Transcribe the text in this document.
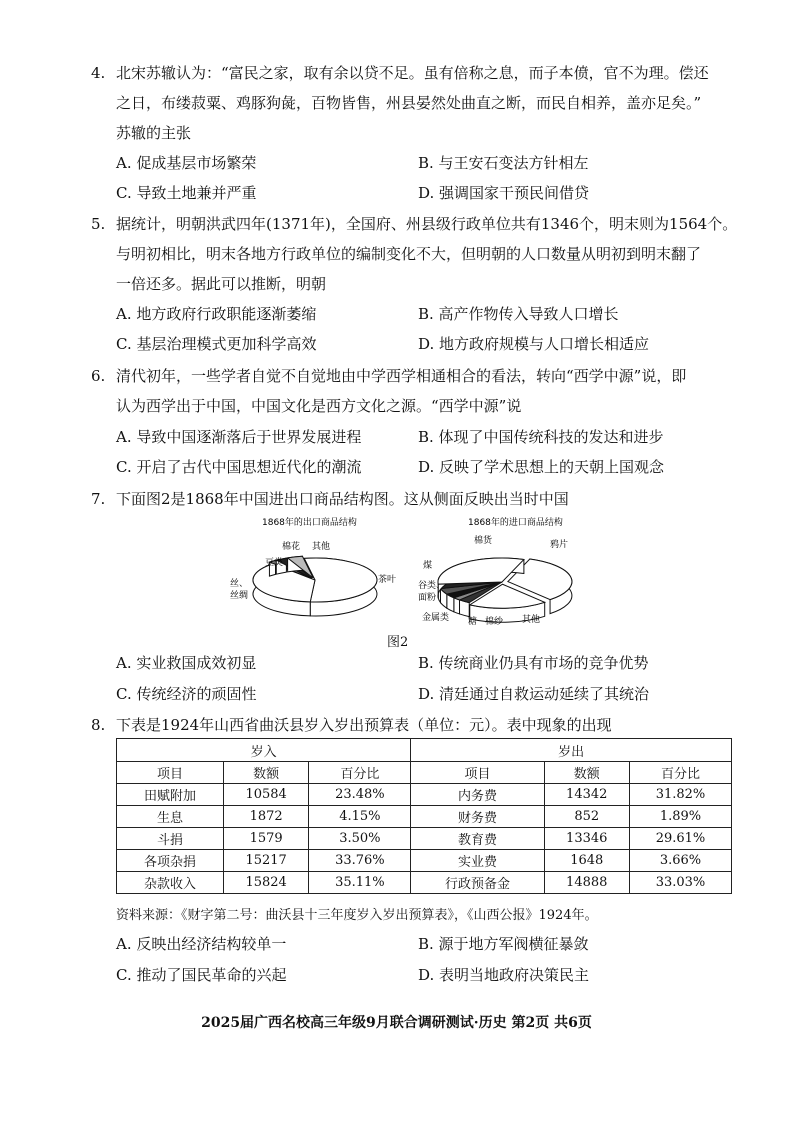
4. 北宋苏辙认为：“富民之家，取有余以贷不足。虽有倍称之息，而子本偾，官不为理。偿还
之日，布缕菽粟、鸡豚狗彘，百物皆售，州县晏然处曲直之断，而民自相养，盖亦足矣。”
苏辙的主张
A. 促成基层市场繁荣	B. 与王安石变法方针相左
C. 导致土地兼并严重	D. 强调国家干预民间借贷
5. 据统计，明朝洪武四年(1371年)，全国府、州县级行政单位共有1346个，明末则为1564个。
与明初相比，明末各地方行政单位的编制变化不大，但明朝的人口数量从明初到明末翻了
一倍还多。据此可以推断，明朝
A. 地方政府行政职能逐渐萎缩	B. 高产作物传入导致人口增长
C. 基层治理模式更加科学高效	D. 地方政府规模与人口增长相适应
6. 清代初年，一些学者自觉不自觉地由中学西学相通相合的看法，转向“西学中源”说，即
认为西学出于中国，中国文化是西方文化之源。“西学中源”说
A. 导致中国逐渐落后于世界发展进程	B. 体现了中国传统科技的发达和进步
C. 开启了古代中国思想近代化的潮流	D. 反映了学术思想上的天朝上国观念
7. 下面图2是1868年中国进出口商品结构图。这从侧面反映出当时中国
1868年的出口商品结构
棉花 其他
豆类
茶叶
丝、
丝绸
1868年的进口商品结构
棉货	鸦片
煤
谷类、
面粉
金属类 糖 棉纱 其他
图2
A. 实业救国成效初显	B. 传统商业仍具有市场的竞争优势
C. 传统经济的顽固性	D. 清廷通过自救运动延续了其统治
8. 下表是1924年山西省曲沃县岁入岁出预算表（单位：元）。表中现象的出现
岁入			岁出		
项目	数额	百分比	项目	数额	百分比
田赋附加	10584	23.48%	内务费	14342	31.82%
生息	1872	4.15%	财务费	852	1.89%
斗捐	1579	3.50%	教育费	13346	29.61%
各项杂捐	15217	33.76%	实业费	1648	3.66%
杂款收入	15824	35.11%	行政预备金	14888	33.03%
资料来源：《财字第二号：曲沃县十三年度岁入岁出预算表》，《山西公报》1924年。
A. 反映出经济结构较单一	B. 源于地方军阀横征暴敛
C. 推动了国民革命的兴起	D. 表明当地政府决策民主
2025届广西名校高三年级9月联合调研测试·历史 第2页 共6页
